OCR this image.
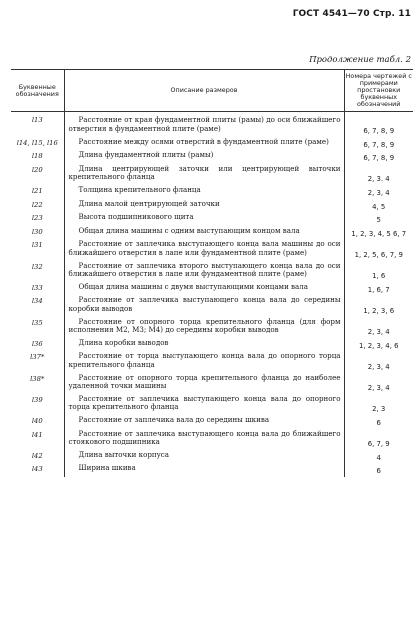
ГОСТ 4541—70 Стр. 11
Продолжение табл. 2
Буквенные обозначения	Описание размеров	Номера чертежей с примерами простановки буквенных обозначений
l13	Расстояние от края фундаментной плиты (рамы) до оси ближайшего отверстия в фундаментной плите (раме)	6, 7, 8, 9
l14, l15, l16	Расстояние между осями отверстий в фундаментной плите (раме)	6, 7, 8, 9
l18	Длина фундаментной плиты (рамы)	6, 7, 8, 9
l20	Длина центрирующей заточки или центрирующей выточки крепительного фланца	2, 3. 4
l21	Толщина крепительного фланца	2, 3, 4
l22	Длина малой центрирующей заточки	4, 5
l23	Высота подшипникового щита	5
l30	Общая длина машины с одним выступающим концом вала	1, 2, 3, 4, 5 6, 7
l31	Расстояние от заплечика выступающего конца вала машины до оси ближайшего отверстия в лапе или фундаментной плите (раме)	1, 2, 5, 6, 7, 9
l32	Расстояние от заплечика второго выступающего конца вала до оси ближайшего отверстия в лапе или фундаментной плите (раме)	1, 6
l33	Общая длина машины с двумя выступающими концами вала	1, 6, 7
l34	Расстояние от заплечика выступающего конца вала до середины коробки выводов	1, 2, 3, 6
l35	Расстояние от опорного торца крепительного фланца (для форм исполнения M2, M3; M4) до середины коробки выводов	2, 3, 4
l36	Длина коробки выводов	1, 2, 3, 4, 6
l37*	Расстояние от торца выступающего конца вала до опорного торца крепительного фланца	2, 3, 4
l38*	Расстояние от опорного торца крепительного фланца до наиболее удаленной точки машины	2, 3, 4
l39	Расстояние от заплечика выступающего конца вала до опорного торца крепительного фланца	2, 3
l40	Расстояние от заплечика вала до середины шкива	6
l41	Расстояние от заплечика выступающего конца вала до ближайшего стоякового подшипника	6, 7, 9
l42	Длина выточки корпуса	4
l43	Ширина шкива	6
